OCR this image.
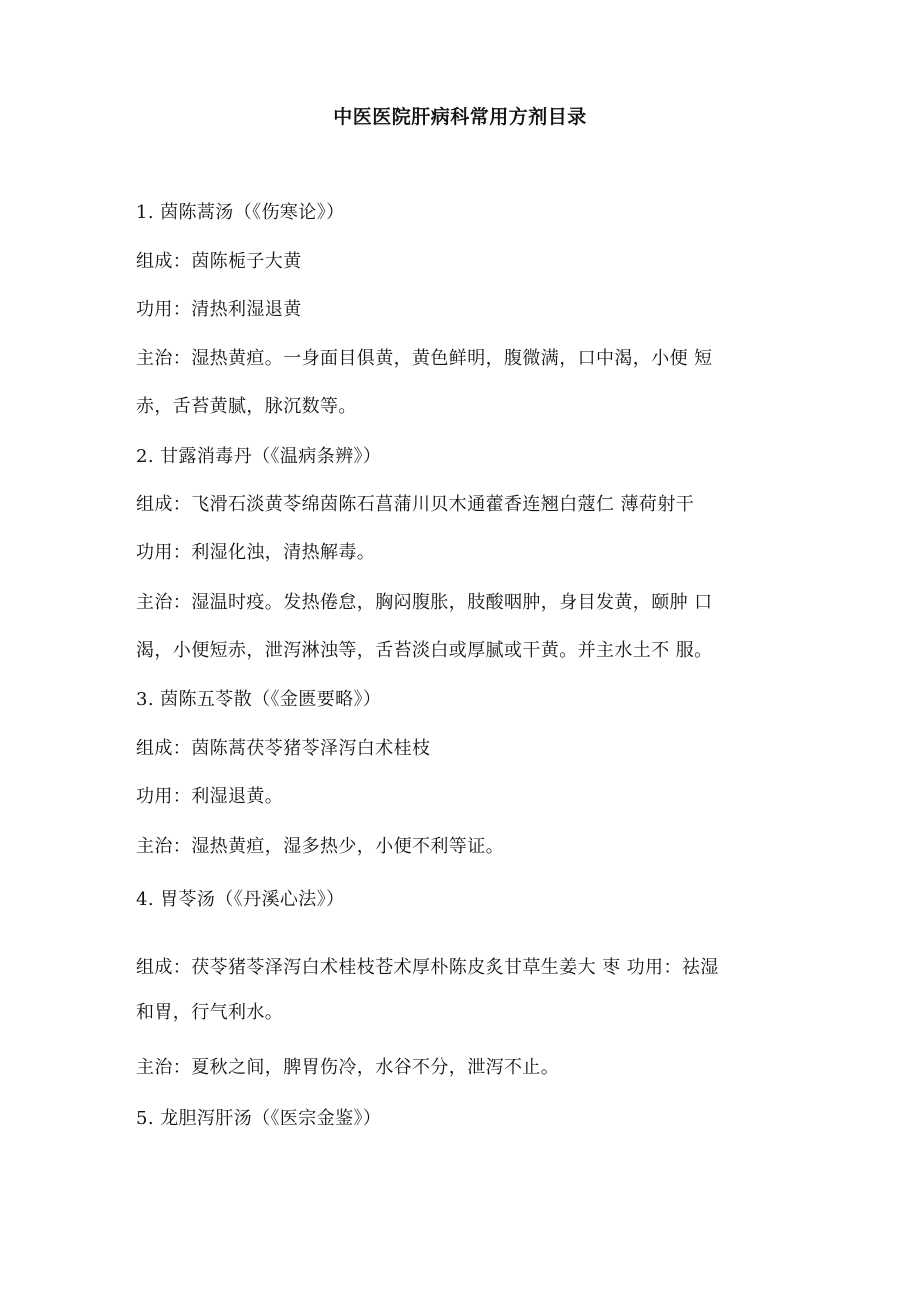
中医医院肝病科常用方剂目录
1. 茵陈蒿汤（《伤寒论》）
组成：茵陈栀子大黄
功用：清热利湿退黄
主治：湿热黄疸。一身面目俱黄，黄色鲜明，腹微满，口中渴，小便 短
赤，舌苔黄腻，脉沉数等。
2. 甘露消毒丹（《温病条辨》）
组成：飞滑石淡黄苓绵茵陈石菖蒲川贝木通藿香连翘白蔻仁 薄荷射干
功用：利湿化浊，清热解毒。
主治：湿温时疫。发热倦怠，胸闷腹胀，肢酸咽肿，身目发黄，颐肿 口
渴，小便短赤，泄泻淋浊等，舌苔淡白或厚腻或干黄。并主水土不 服。
3. 茵陈五苓散（《金匮要略》）
组成：茵陈蒿茯苓猪苓泽泻白术桂枝
功用：利湿退黄。
主治：湿热黄疸，湿多热少，小便不利等证。
4. 胃苓汤（《丹溪心法》）
组成：茯苓猪苓泽泻白术桂枝苍术厚朴陈皮炙甘草生姜大 枣 功用：祛湿
和胃，行气利水。
主治：夏秋之间，脾胃伤冷，水谷不分，泄泻不止。
5. 龙胆泻肝汤（《医宗金鉴》）
